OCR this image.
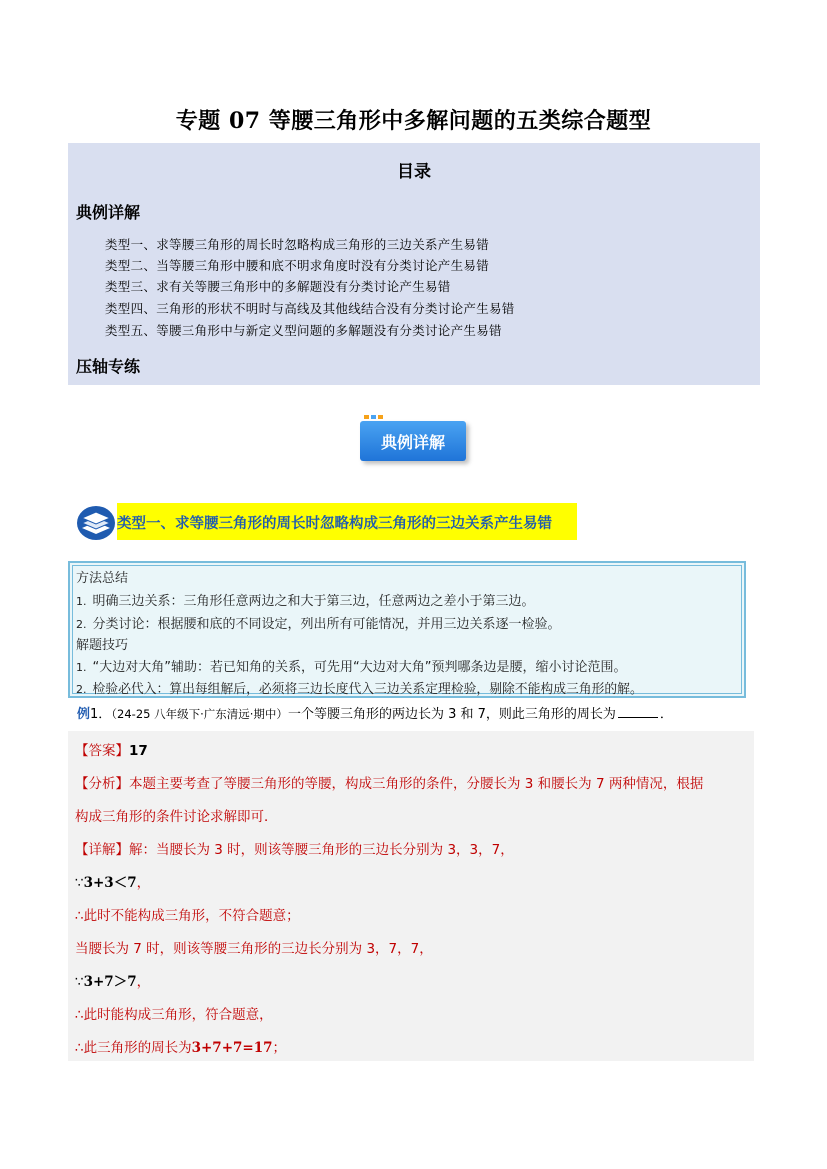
专题 07 等腰三角形中多解问题的五类综合题型
目录
典例详解
类型一、求等腰三角形的周长时忽略构成三角形的三边关系产生易错
类型二、当等腰三角形中腰和底不明求角度时没有分类讨论产生易错
类型三、求有关等腰三角形中的多解题没有分类讨论产生易错
类型四、三角形的形状不明时与高线及其他线结合没有分类讨论产生易错
类型五、等腰三角形中与新定义型问题的多解题没有分类讨论产生易错
压轴专练
典例详解
类型一、求等腰三角形的周长时忽略构成三角形的三边关系产生易错
方法总结
1. 明确三边关系：三角形任意两边之和大于第三边，任意两边之差小于第三边。
2. 分类讨论：根据腰和底的不同设定，列出所有可能情况，并用三边关系逐一检验。
解题技巧
1. “大边对大角”辅助：若已知角的关系，可先用“大边对大角”预判哪条边是腰，缩小讨论范围。
2. 检验必代入：算出每组解后，必须将三边长度代入三边关系定理检验，剔除不能构成三角形的解。
例1．（24-25 八年级下·广东清远·期中）一个等腰三角形的两边长为 3 和 7，则此三角形的周长为	．
【答案】17
【分析】本题主要考查了等腰三角形的等腰，构成三角形的条件，分腰长为 3 和腰长为 7 两种情况，根据
构成三角形的条件讨论求解即可．
【详解】解：当腰长为 3 时，则该等腰三角形的三边长分别为 3，3，7，
∵3+3＜7，
∴此时不能构成三角形，不符合题意；
当腰长为 7 时，则该等腰三角形的三边长分别为 3，7，7，
∵3+7＞7，
∴此时能构成三角形，符合题意，
∴此三角形的周长为3+7+7=17；
